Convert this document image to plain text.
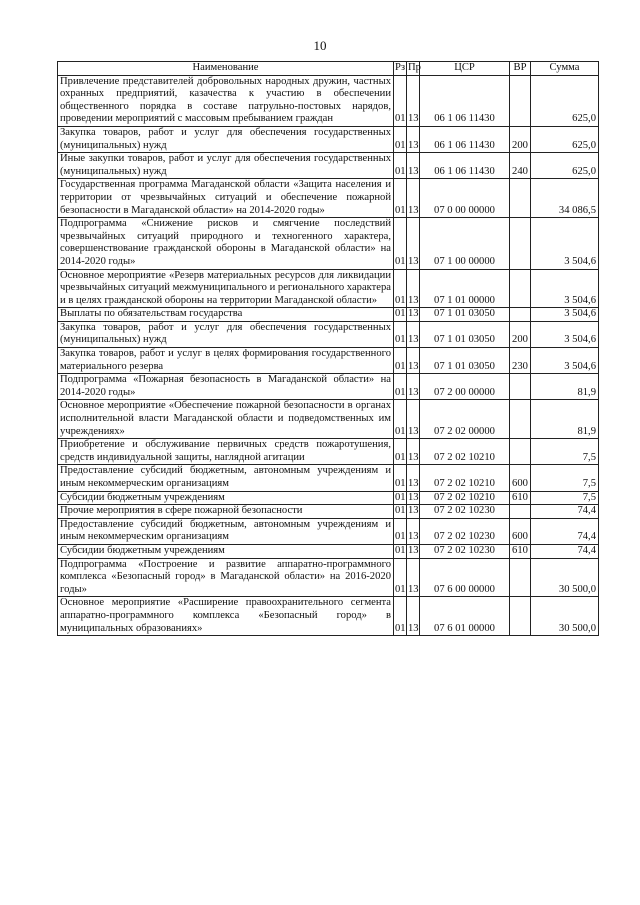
10
Наименование	Рз	Пр	ЦСР	ВР	Сумма
Привлечение представителей добровольных народных дружин, частных охранных предприятий, казачества к участию в обеспечении общественного порядка в составе патрульно-постовых нарядов, проведении мероприятий с массовым пребыванием граждан	01	13	06 1 06 11430		625,0
Закупка товаров, работ и услуг для обеспечения государственных (муниципальных) нужд	01	13	06 1 06 11430	200	625,0
Иные закупки товаров, работ и услуг для обеспечения государственных (муниципальных) нужд	01	13	06 1 06 11430	240	625,0
Государственная программа Магаданской области «Защита населения и территории от чрезвычайных ситуаций и обеспечение пожарной безопасности в Магаданской области» на 2014-2020 годы»	01	13	07 0 00 00000		34 086,5
Подпрограмма «Снижение рисков и смягчение последствий чрезвычайных ситуаций природного и техногенного характера, совершенствование гражданской обороны в Магаданской области» на 2014-2020 годы»	01	13	07 1 00 00000		3 504,6
Основное мероприятие «Резерв материальных ресурсов для ликвидации чрезвычайных ситуаций межмуниципального и регионального характера и в целях гражданской обороны на территории Магаданской области»	01	13	07 1 01 00000		3 504,6
Выплаты по обязательствам государства	01	13	07 1 01 03050		3 504,6
Закупка товаров, работ и услуг для обеспечения государственных (муниципальных) нужд	01	13	07 1 01 03050	200	3 504,6
Закупка товаров, работ и услуг в целях формирования государственного материального резерва	01	13	07 1 01 03050	230	3 504,6
Подпрограмма «Пожарная безопасность в Магаданской области» на 2014-2020 годы»	01	13	07 2 00 00000		81,9
Основное мероприятие «Обеспечение пожарной безопасности в органах исполнительной власти Магаданской области и подведомственных им учреждениях»	01	13	07 2 02 00000		81,9
Приобретение и обслуживание первичных средств пожаротушения, средств индивидуальной защиты, наглядной агитации	01	13	07 2 02 10210		7,5
Предоставление субсидий бюджетным, автономным учреждениям и иным некоммерческим организациям	01	13	07 2 02 10210	600	7,5
Субсидии бюджетным учреждениям	01	13	07 2 02 10210	610	7,5
Прочие мероприятия в сфере пожарной безопасности	01	13	07 2 02 10230		74,4
Предоставление субсидий бюджетным, автономным учреждениям и иным некоммерческим организациям	01	13	07 2 02 10230	600	74,4
Субсидии бюджетным учреждениям	01	13	07 2 02 10230	610	74,4
Подпрограмма «Построение и развитие аппаратно-программного комплекса «Безопасный город» в Магаданской области» на 2016-2020 годы»	01	13	07 6 00 00000		30 500,0
Основное мероприятие «Расширение правоохранительного сегмента аппаратно-программного комплекса «Безопасный город» в муниципальных образованиях»	01	13	07 6 01 00000		30 500,0
